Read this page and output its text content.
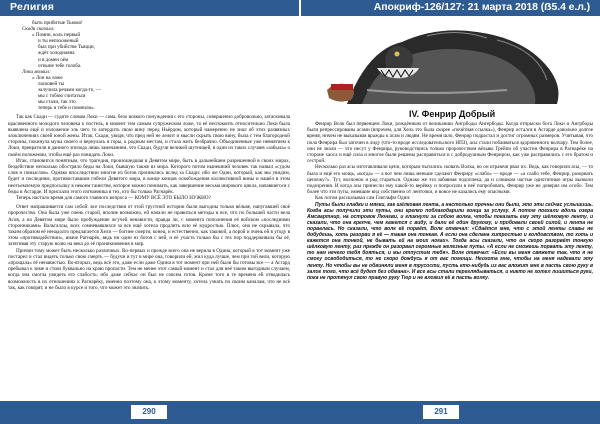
Религия	Апокриф-126/127: 21 марта 2018 (ẞ5.4 е.л.)
быть прибитые Тьмою!
Скади сказала:
« Помни, коль первый
и ты непохоженый
был при убийстве Тьяцци,
ждёт холоднаяна
и в домен оём
отныне тебе голоба.
Локи молвил:
« Лон на ложе
ласковей ты
залучила речами когда-то, —
мы с тобою считаться
мы стали, так это
теперь и тебе и помнили».

Так как Скади — судите словам Локи — сама, безо всякого понуждения с его стороны, совершенно добровольно, затаскивала красивенного молодого человека к постель, в момент тем самым супружеском ложе, то её неспокоить относительно Локи была выявлена ещё и изложение эль чего то затердить свою вину перед Ньёрдом, который намеренно не знал об этих развязных злоключениях своей юной жены. Итак, Скади, увидя, что пред ней не лежит и мысли скрыть свою вину, была с тем благородной стороны, покинула мужа своего и вернулась в горы, к родным местам, и стала жить безбрачно. Объединенные уже невнятием к Локи, превратили в данного эпизода лишь замечанием, что Скади, будучи великой шутницей, в один из таких случаев «забыла» о своём положении, чтобы ещё раз повидать Локи.

Итак, становится понятным, что трагедия, произошедшая в Девятом мире, быть в дальнейшем разрешенной в своих мирах, бездействие несколько обостряло беды на Локи, бывшую также из мира. Которого потом нынешний человек так назвал «судом слов и помыслов». Однако впоследствии многие из богов прониклись вслед за Скади: ибо же Один, который, как мы увидим, будет и последним, противоставшим гибели Девятого мира, в конце концов освобождения коллективной вины и нашёл в этом неотъемлемую предпосылку в некоем таинстве, которое можно понимать, как завершение весьма широкого цикла, начавшегося с беды в Асгарде. И прислали этого изгнанника в тех, кто бы только Рагнарёк.

Теперь настало время для самого главного вопроса — КОМУ ВСЁ ЭТО БЫЛО НУЖНО?

Ответ напрашивается сам собой: все последствия от этой грустной истории были выгодны только вёльве, напугавшей своё пророчество. Она была уже очень старой, вполне возможно, ей начали не нравиться методы и все, что по большей части вела Асов, а на Девятом мире было пробуждение жгучей ненависти, правда ли, с момента пополнения её войском «последними сторонниками» Вальгаллы, всех сомневавшихся за все ещё хотела продлить всю её мудростью. Плюс, она не скрывала, что таким образом её ненадолго предлагается Хели — богине смерти, конец, и естественно, как таковой, а порой и очень ей в угоду в этом «противодействии», иначе Рагнарёк, ведь ни один из богов с ней, и её участь только бы с тех пор поддерживала бы её, затягивая эту старую волю на века до её проникновения в мир.

Причин тому может быть несколько различных. Во-первых и прежде всего она не верила в Одина, который в тот момент уже постарел и стал видеть только свою смерть — будучи и тут в мире она, говорили ей, жил куда лучше, чем при той вели, которую «прощала» её ненавистью. Во-вторых, ведь всё это, даже если даже Одина в тот момент при ней были бы готовы все — а Асгард пребывал к зиме и стоял буквально на краю пропасти. Тем не менее этот самый момент и стал для неё таким выгодным случаем, когда она смогла увидеть его слабость: ибо даже сейчас он был не совсем готов. Кроме того в те времена ей отводилась возможность в их отношениях к Рагнарёку, именно поэтому она, к этому моменту, хотела узнать по своим каналам, что не всё так, как говорят, и не было в курсе и того, что может это значить.

IV. Фенрир Добрый

Фенрир Волк был первенцем Локи, рождённым от великанши Ангрбоды Ангербоды. Когда отпрыски бога Локи и Ангрбоды были репрессированы асами (впрочем, для Хель это была скорее «почётная ссылка»), Фенрир остался в Асгарде довольно долгое время, ничем не выказывая вражды к асам и людям. Не время шло, Фенрир подрастал и достиг огромных размеров. Учитывая, что пола Фенрира был заточен в лиду (что-то вроде исследовательского НПЗ), асы стали побаиваться здоровенного волчару. Тем более, они не знали — что несут у Фенрира, руководствуясь только пророчеством вёльвы Грейпи об участии Фенрира в Рагнарёке на стороне хаоса и ещё сила и многое были решены расправиться и с добродушным Фенриром, как уже расправились с его братом и сестрой.

Несколько раз асы изготавливали цепи, которым пытались сковать Волка, но он играючи рвал их. Ведь, как говорили асы, — то была и ещё его мощь, «когда» — а вот чем лишь меньше сделают Фенриру «слабо» — вроде — «а слабо тебе, Фенрир, разорвать цепочку?». Тут, волчонок и рад стараться. Однако же эта забавная подоплека, да и слишком частые однотипные игры вызвали подозрения. И когда асы принесли ему какой-то верёвку и попросили в неё попробовать, Фенрир уже не доверял им особо. Тем более что эти путы, имевшие вид собственно от ленточки, и вовсе не казались ему опасными.

Как потом рассказывал сам Гангльфи Один:

Путы были гладки и мягки, как шёлковая лента, а настолько прочны они были, это эти сейчас услышишь. Когда асы получили эти путы, они крепко поблагодарили гонца за услугу. А потом поехали вдоль озера Амсвартнир, на островок Люнгви, и кликнули за собою волка, чтобы показать ему эту шёлковую ленту, и сказали, что она крепче, чем кажется с виду, и дали её один другому, и пробовали своей силой, и лента не порвалась. Но сказали, что волк её порвёт. Волк отвечал: «Сдаётся мне, что с этой ленты славы не добудешь, хоть разорви я её — такая она тонкая. А если она сделана хитростью и колдовством, то хоть и кажется она тонкой, не бывать ей на моих ногах». Тогда асы сказали, что он скоро разорвёт тонкую шёлковую ленту, раз прежде он разорвал огромные железные путы. «А если не сможешь порвать эту ленту, то нам нечего тебя бояться, и мы отпустим тебя». Волк отвечал: «Если вы меня свяжете так, что я не смогу освободиться, то не скоро дождусь я от вас помощи. Неохота мне, чтобы на меня надевали эту ленту. Но чтобы вы не обвиняли меня в трусости, пусть кто-нибудь из вас вложит мне в пасть свою руку в залог того, что всё будет без обмана». И все асы стали переглядываться, и никто не хотел лишиться руки, пока не протянул свою правую руку Тюр и не вложил её в пасть волку.

290	291
